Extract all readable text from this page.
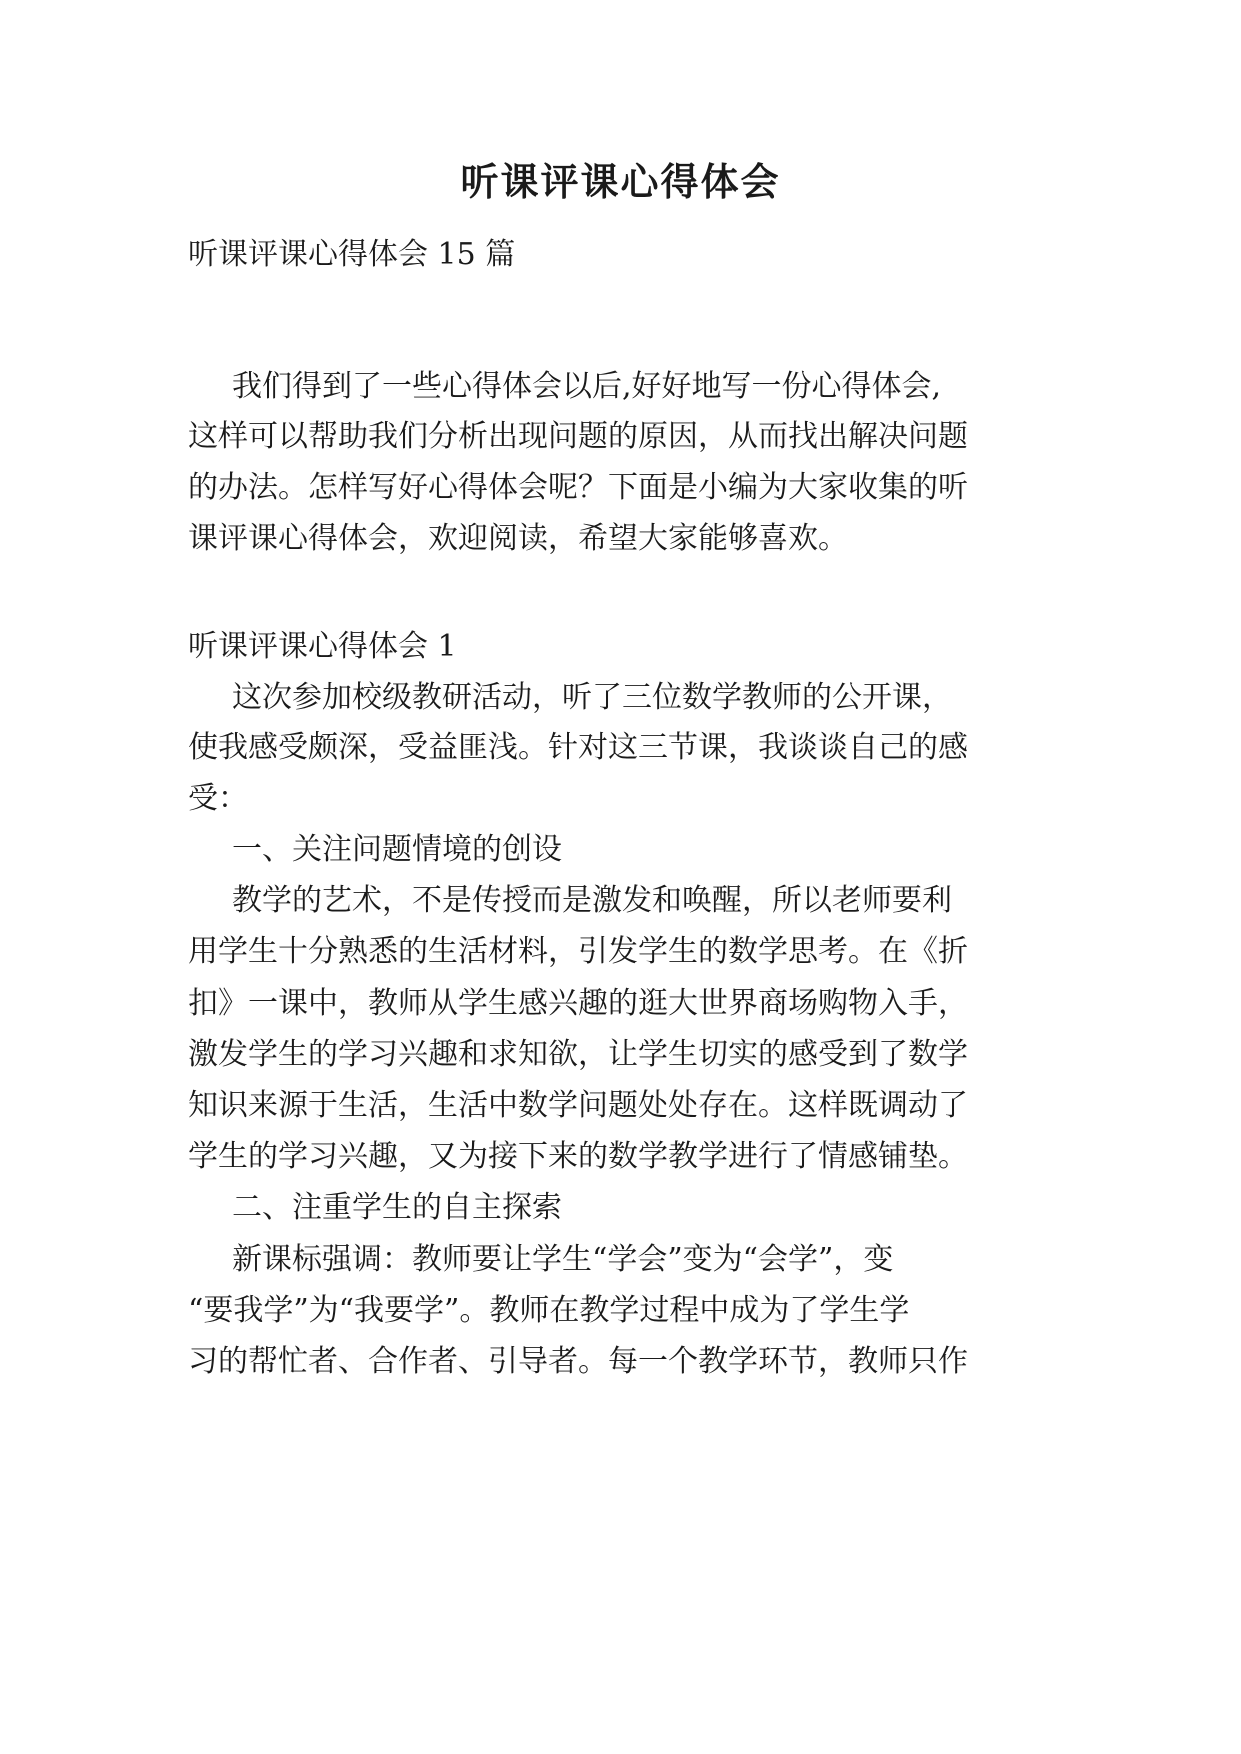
听课评课心得体会
听课评课心得体会 15 篇
我们得到了一些心得体会以后,好好地写一份心得体会,
这样可以帮助我们分析出现问题的原因，从而找出解决问题
的办法。怎样写好心得体会呢？下面是小编为大家收集的听
课评课心得体会，欢迎阅读，希望大家能够喜欢。
听课评课心得体会 1
这次参加校级教研活动，听了三位数学教师的公开课，
使我感受颇深，受益匪浅。针对这三节课，我谈谈自己的感
受：
一、关注问题情境的创设
教学的艺术，不是传授而是激发和唤醒，所以老师要利
用学生十分熟悉的生活材料，引发学生的数学思考。在《折
扣》一课中，教师从学生感兴趣的逛大世界商场购物入手，
激发学生的学习兴趣和求知欲，让学生切实的感受到了数学
知识来源于生活，生活中数学问题处处存在。这样既调动了
学生的学习兴趣，又为接下来的数学教学进行了情感铺垫。
二、注重学生的自主探索
新课标强调：教师要让学生“学会”变为“会学”，变
“要我学”为“我要学”。教师在教学过程中成为了学生学
习的帮忙者、合作者、引导者。每一个教学环节，教师只作
